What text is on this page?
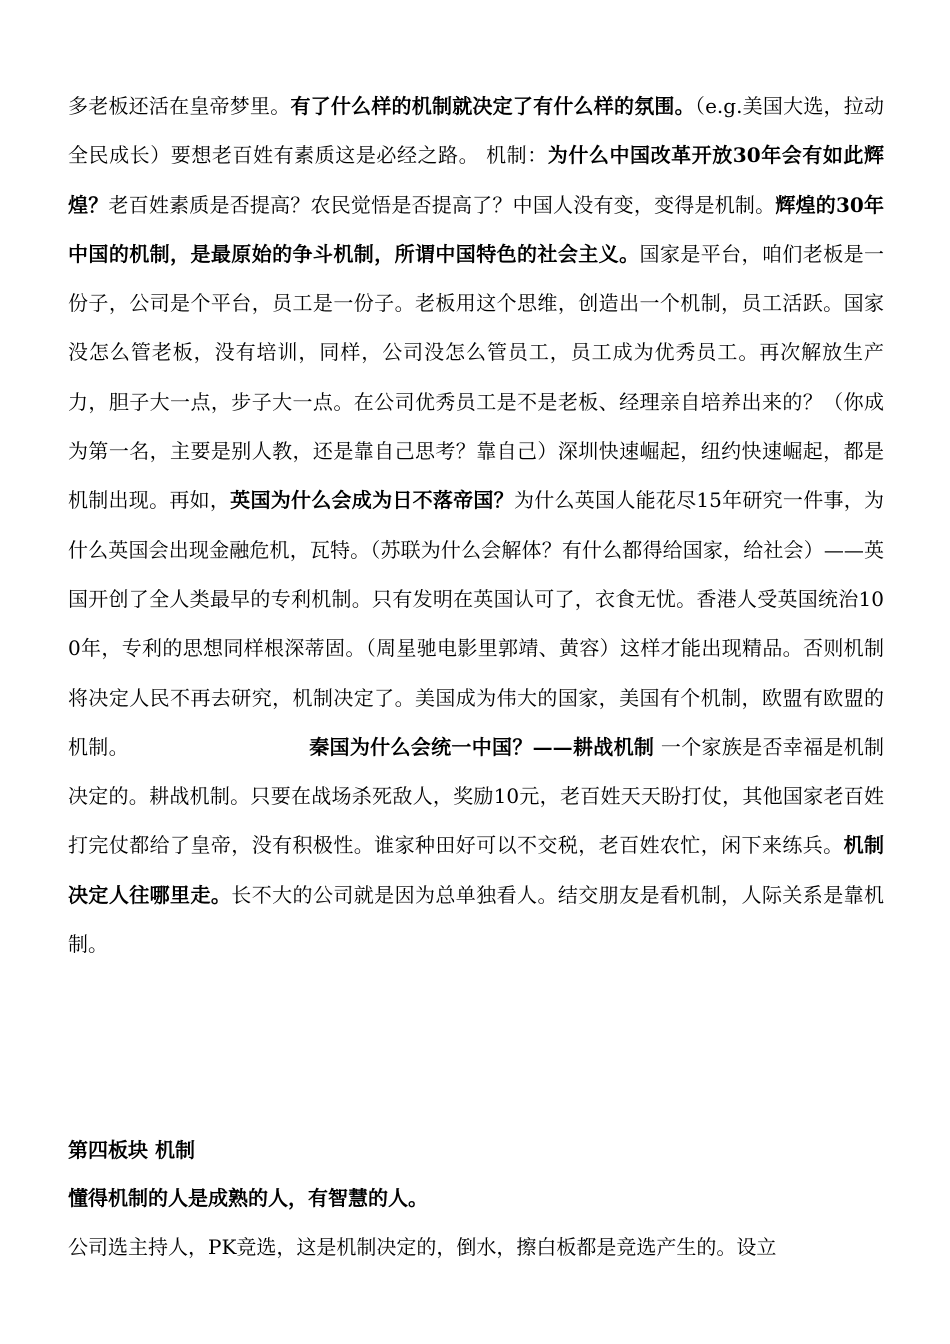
多老板还活在皇帝梦里。有了什么样的机制就决定了有什么样的氛围。（e.g.美国大选，拉动全民成长）要想老百姓有素质这是必经之路。 机制：为什么中国改革开放30年会有如此辉煌？老百姓素质是否提高？农民觉悟是否提高了？中国人没有变，变得是机制。辉煌的30年中国的机制，是最原始的争斗机制，所谓中国特色的社会主义。国家是平台，咱们老板是一份子，公司是个平台，员工是一份子。老板用这个思维，创造出一个机制，员工活跃。国家没怎么管老板，没有培训，同样，公司没怎么管员工，员工成为优秀员工。再次解放生产力，胆子大一点，步子大一点。在公司优秀员工是不是老板、经理亲自培养出来的？（你成为第一名，主要是别人教，还是靠自己思考？靠自己）深圳快速崛起，纽约快速崛起，都是机制出现。再如，英国为什么会成为日不落帝国？为什么英国人能花尽15年研究一件事，为什么英国会出现金融危机，瓦特。（苏联为什么会解体？有什么都得给国家，给社会）——英国开创了全人类最早的专利机制。只有发明在英国认可了，衣食无忧。香港人受英国统治100年，专利的思想同样根深蒂固。（周星驰电影里郭靖、黄容）这样才能出现精品。否则机制将决定人民不再去研究，机制决定了。美国成为伟大的国家，美国有个机制，欧盟有欧盟的机制。	秦国为什么会统一中国？——耕战机制 一个家族是否幸福是机制决定的。耕战机制。只要在战场杀死敌人，奖励10元，老百姓天天盼打仗，其他国家老百姓打完仗都给了皇帝，没有积极性。谁家种田好可以不交税，老百姓农忙，闲下来练兵。机制决定人往哪里走。长不大的公司就是因为总单独看人。结交朋友是看机制，人际关系是靠机制。

第四板块 机制

懂得机制的人是成熟的人，有智慧的人。

公司选主持人，PK竞选，这是机制决定的，倒水，擦白板都是竞选产生的。设立
